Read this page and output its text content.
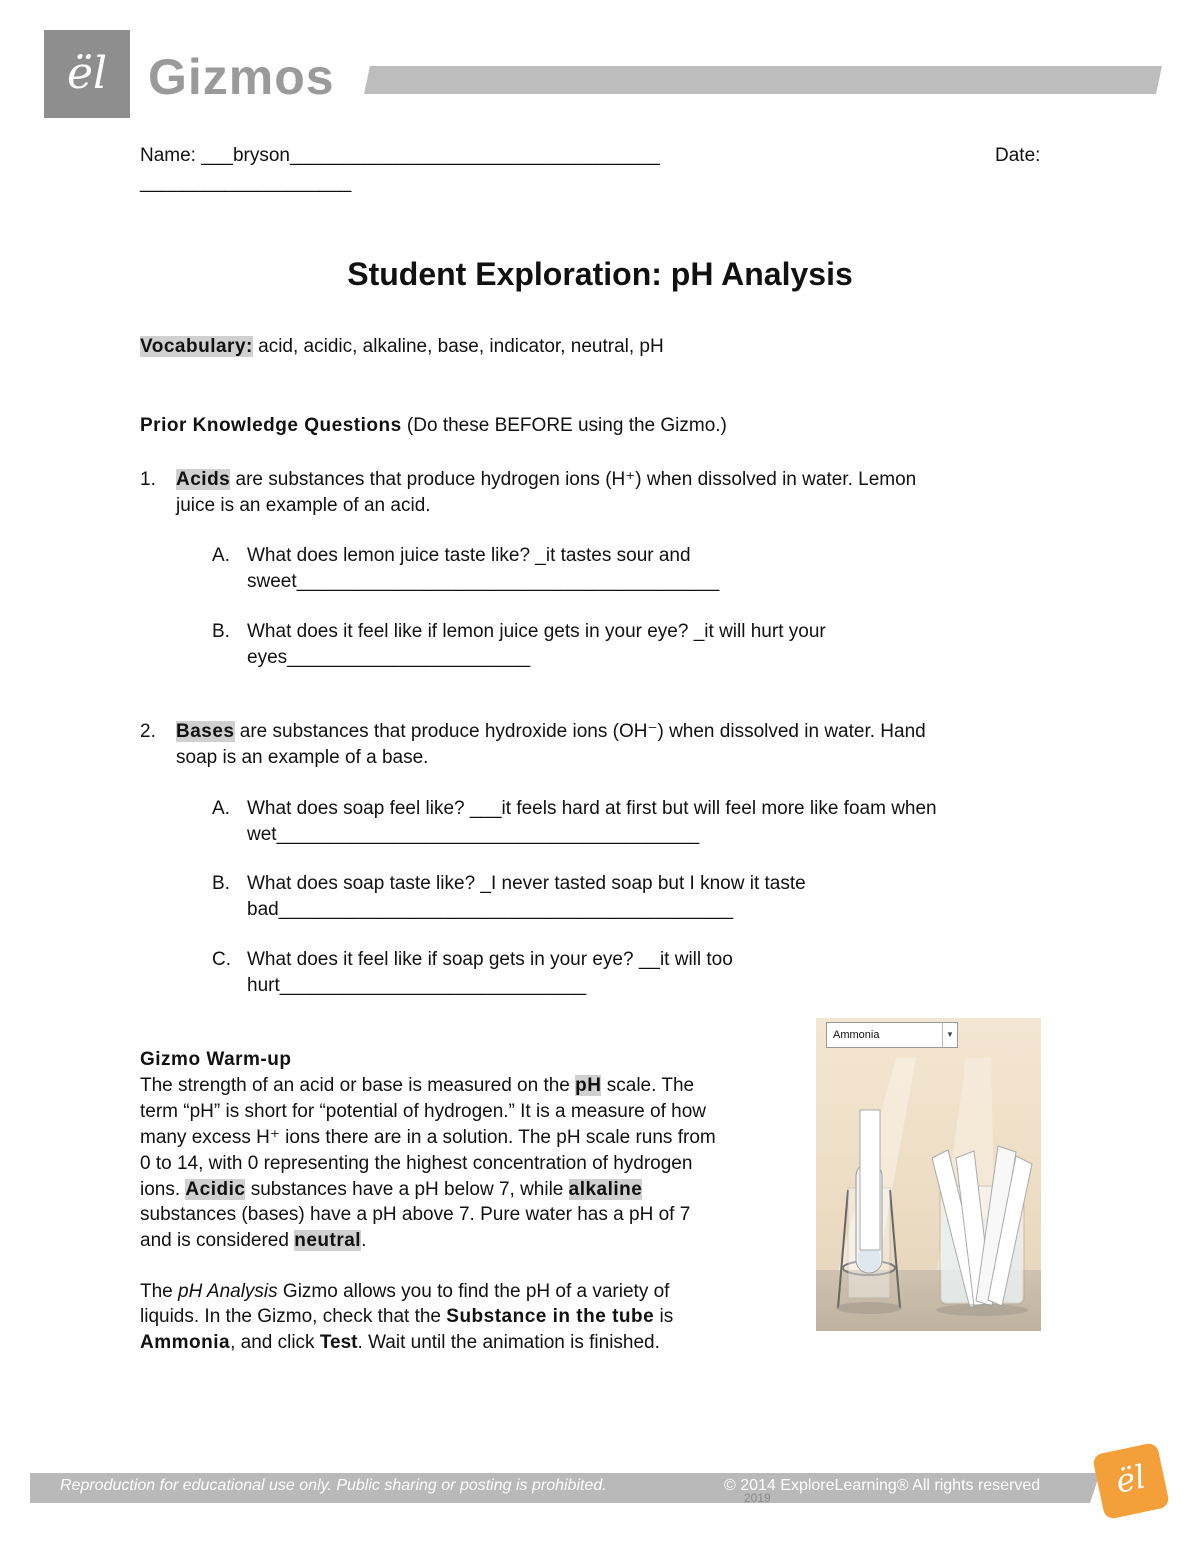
ël Gizmos
Name: ___bryson___________________________________	Date:
____________________
Student Exploration: pH Analysis
Vocabulary: acid, acidic, alkaline, base, indicator, neutral, pH
Prior Knowledge Questions (Do these BEFORE using the Gizmo.)
1. Acids are substances that produce hydrogen ions (H⁺) when dissolved in water. Lemon
juice is an example of an acid.
A. What does lemon juice taste like? _it tastes sour and
sweet________________________________________
B. What does it feel like if lemon juice gets in your eye? _it will hurt your
eyes_______________________
2. Bases are substances that produce hydroxide ions (OH⁻) when dissolved in water. Hand
soap is an example of a base.
A. What does soap feel like? ___it feels hard at first but will feel more like foam when
wet________________________________________
B. What does soap taste like? _I never tasted soap but I know it taste
bad___________________________________________
C. What does it feel like if soap gets in your eye? __it will too
hurt_____________________________
Gizmo Warm-up
The strength of an acid or base is measured on the pH scale. The
term “pH” is short for “potential of hydrogen.” It is a measure of how
many excess H⁺ ions there are in a solution. The pH scale runs from
0 to 14, with 0 representing the highest concentration of hydrogen
ions. Acidic substances have a pH below 7, while alkaline
substances (bases) have a pH above 7. Pure water has a pH of 7
and is considered neutral.
The pH Analysis Gizmo allows you to find the pH of a variety of
liquids. In the Gizmo, check that the Substance in the tube is
Ammonia, and click Test. Wait until the animation is finished.
Ammonia	▼
Reproduction for educational use only. Public sharing or posting is prohibited.	© 2014 ExploreLearning® All rights reserved
2019	ël
